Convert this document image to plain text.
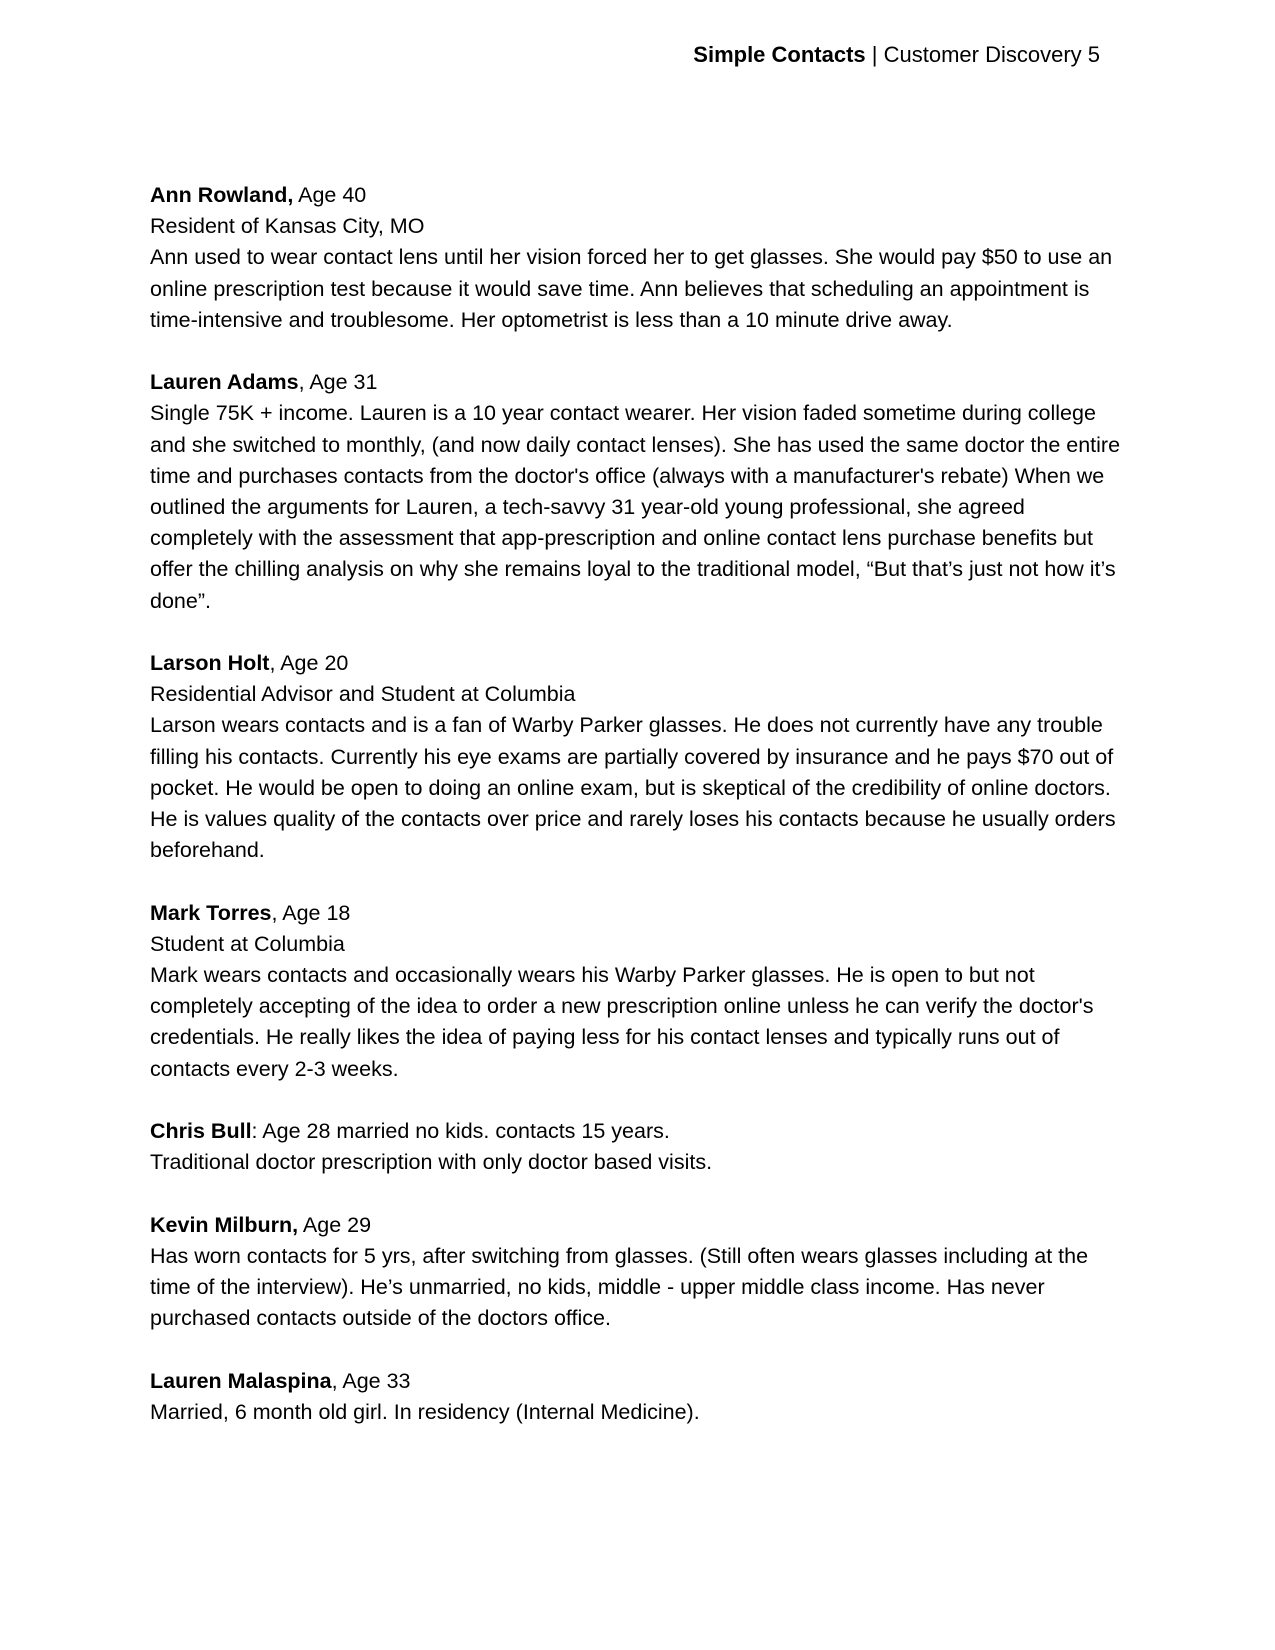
Simple Contacts | Customer Discovery 5

Ann Rowland, Age 40

Resident of Kansas City, MO

Ann used to wear contact lens until her vision forced her to get glasses. She would pay $50 to use an online prescription test because it would save time. Ann believes that scheduling an appointment is time-intensive and troublesome. Her optometrist is less than a 10 minute drive away.

Lauren Adams, Age 31

Single 75K + income. Lauren is a 10 year contact wearer. Her vision faded sometime during college and she switched to monthly, (and now daily contact lenses). She has used the same doctor the entire time and purchases contacts from the doctor's office (always with a manufacturer's rebate) When we outlined the arguments for Lauren, a tech-savvy 31 year-old young professional, she agreed completely with the assessment that app-prescription and online contact lens purchase benefits but offer the chilling analysis on why she remains loyal to the traditional model, “But that’s just not how it’s done”.

Larson Holt, Age 20

Residential Advisor and Student at Columbia

Larson wears contacts and is a fan of Warby Parker glasses. He does not currently have any trouble filling his contacts. Currently his eye exams are partially covered by insurance and he pays $70 out of pocket. He would be open to doing an online exam, but is skeptical of the credibility of online doctors. He is values quality of the contacts over price and rarely loses his contacts because he usually orders beforehand.

Mark Torres, Age 18

Student at Columbia

Mark wears contacts and occasionally wears his Warby Parker glasses. He is open to but not completely accepting of the idea to order a new prescription online unless he can verify the doctor's credentials. He really likes the idea of paying less for his contact lenses and typically runs out of contacts every 2-3 weeks.

Chris Bull: Age 28 married no kids. contacts 15 years.

Traditional doctor prescription with only doctor based visits.

Kevin Milburn, Age 29

Has worn contacts for 5 yrs, after switching from glasses. (Still often wears glasses including at the time of the interview). He’s unmarried, no kids, middle - upper middle class income. Has never purchased contacts outside of the doctors office.

Lauren Malaspina, Age 33

Married, 6 month old girl. In residency (Internal Medicine).
